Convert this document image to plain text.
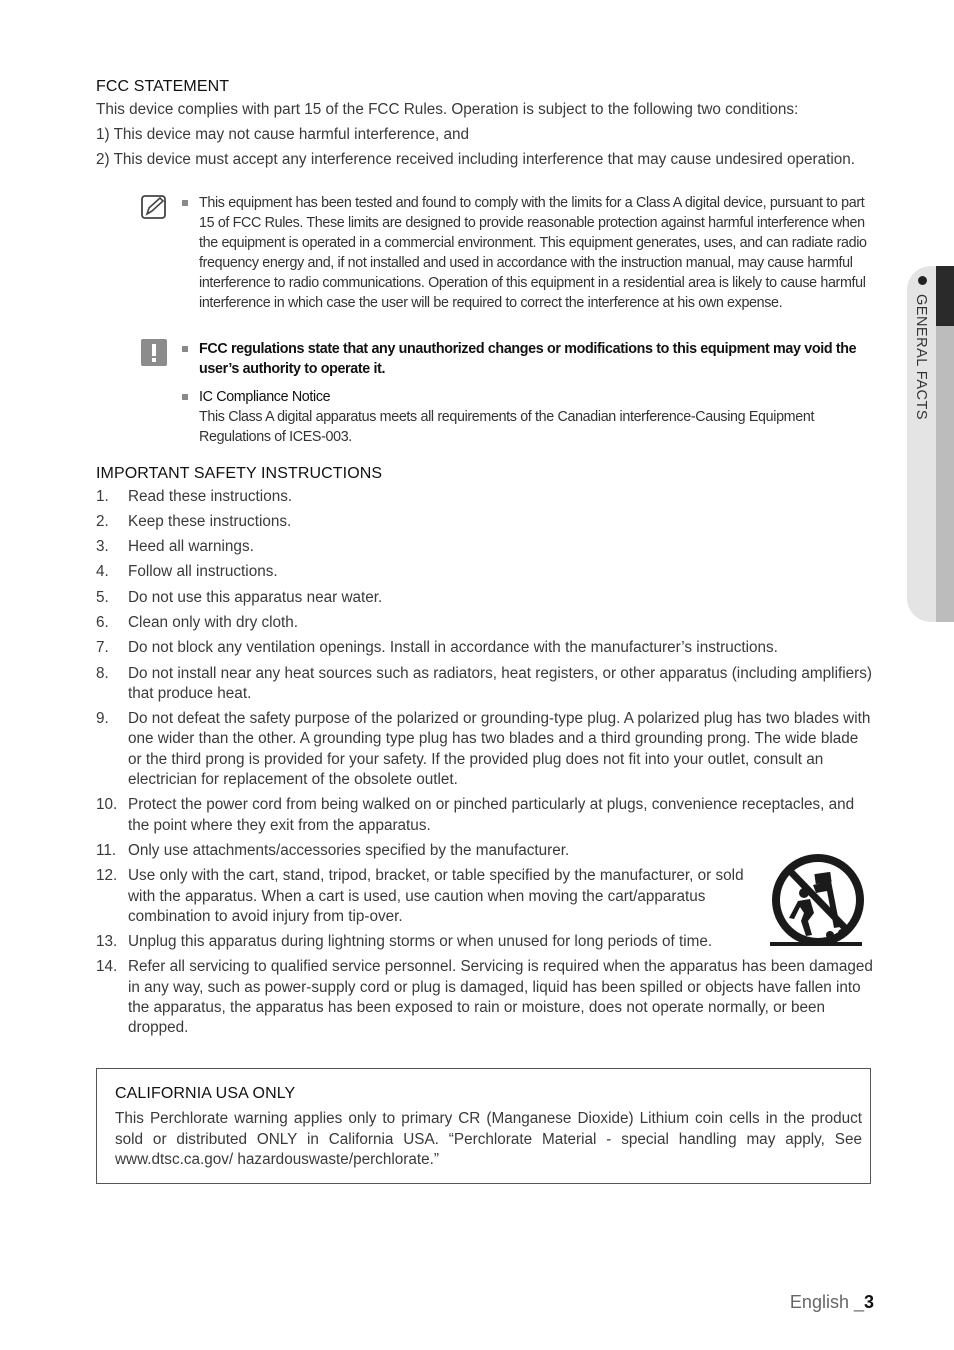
FCC STATEMENT
This device complies with part 15 of the FCC Rules. Operation is subject to the following two conditions:
1) This device may not cause harmful interference, and
2) This device must accept any interference received including interference that may cause undesired operation.
This equipment has been tested and found to comply with the limits for a Class A digital device, pursuant to part 15 of FCC Rules. These limits are designed to provide reasonable protection against harmful interference when the equipment is operated in a commercial environment. This equipment generates, uses, and can radiate radio frequency energy and, if not installed and used in accordance with the instruction manual, may cause harmful interference to radio communications. Operation of this equipment in a residential area is likely to cause harmful interference in which case the user will be required to correct the interference at his own expense.
FCC regulations state that any unauthorized changes or modifications to this equipment may void the user’s authority to operate it.
IC Compliance Notice
This Class A digital apparatus meets all requirements of the Canadian interference-Causing Equipment Regulations of ICES-003.
IMPORTANT SAFETY INSTRUCTIONS
1. Read these instructions.
2. Keep these instructions.
3. Heed all warnings.
4. Follow all instructions.
5. Do not use this apparatus near water.
6. Clean only with dry cloth.
7. Do not block any ventilation openings. Install in accordance with the manufacturer’s instructions.
8. Do not install near any heat sources such as radiators, heat registers, or other apparatus (including amplifiers) that produce heat.
9. Do not defeat the safety purpose of the polarized or grounding-type plug. A polarized plug has two blades with one wider than the other. A grounding type plug has two blades and a third grounding prong. The wide blade or the third prong is provided for your safety. If the provided plug does not fit into your outlet, consult an electrician for replacement of the obsolete outlet.
10. Protect the power cord from being walked on or pinched particularly at plugs, convenience receptacles, and the point where they exit from the apparatus.
11. Only use attachments/accessories specified by the manufacturer.
12. Use only with the cart, stand, tripod, bracket, or table specified by the manufacturer, or sold with the apparatus. When a cart is used, use caution when moving the cart/apparatus combination to avoid injury from tip-over.
13. Unplug this apparatus during lightning storms or when unused for long periods of time.
14. Refer all servicing to qualified service personnel. Servicing is required when the apparatus has been damaged in any way, such as power-supply cord or plug is damaged, liquid has been spilled or objects have fallen into the apparatus, the apparatus has been exposed to rain or moisture, does not operate normally, or been dropped.
CALIFORNIA USA ONLY
This Perchlorate warning applies only to primary CR (Manganese Dioxide) Lithium coin cells in the product sold or distributed ONLY in California USA. “Perchlorate Material - special handling may apply, See www.dtsc.ca.gov/ hazardouswaste/perchlorate.”
GENERAL FACTS
English _3
